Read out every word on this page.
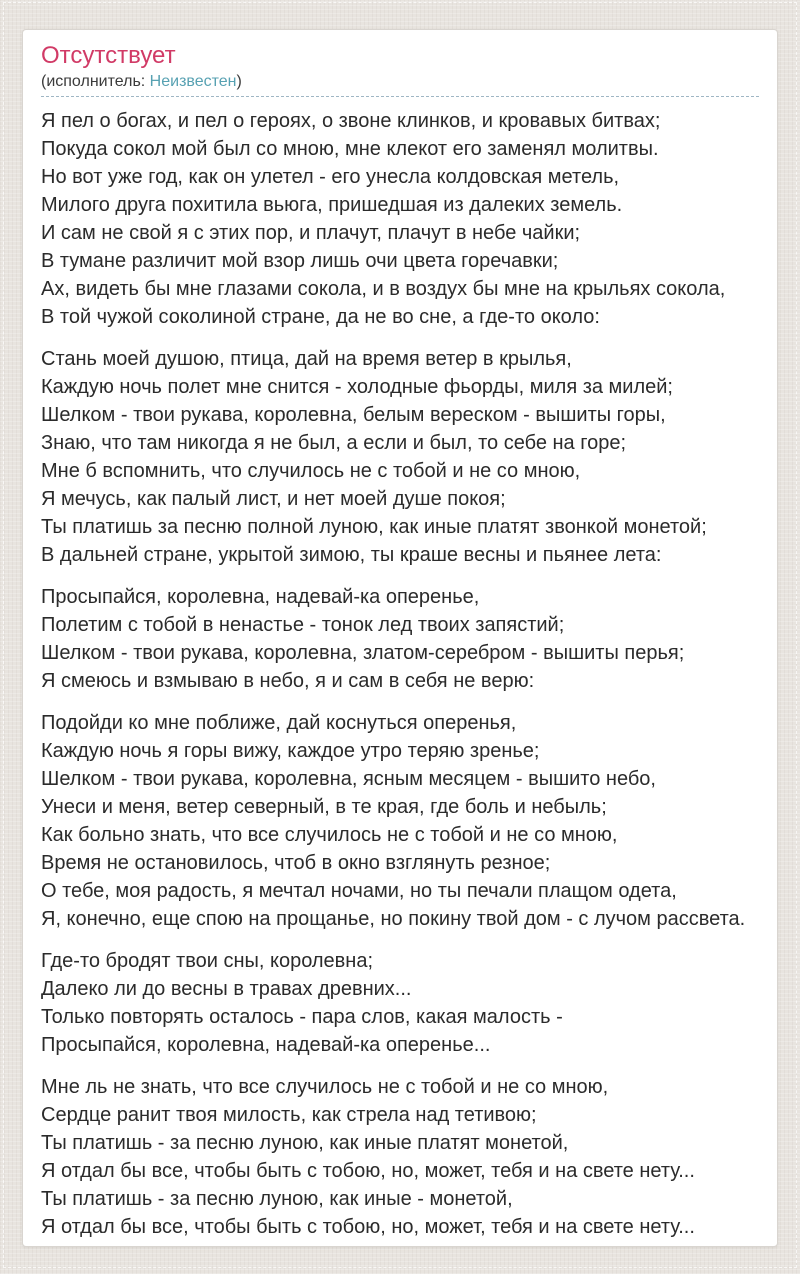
Отсутствует
(исполнитель: Неизвестен)

Я пел о богах, и пел о героях, о звоне клинков, и кровавых битвах;
Покуда сокол мой был со мною, мне клекот его заменял молитвы.
Но вот уже год, как он улетел - его унесла колдовская метель,
Милого друга похитила вьюга, пришедшая из далеких земель.
И сам не свой я с этих пор, и плачут, плачут в небе чайки;
В тумане различит мой взор лишь очи цвета горечавки;
Ах, видеть бы мне глазами сокола, и в воздух бы мне на крыльях сокола,
В той чужой соколиной стране, да не во сне, а где-то около:

Стань моей душою, птица, дай на время ветер в крылья,
Каждую ночь полет мне снится - холодные фьорды, миля за милей;
Шелком - твои рукава, королевна, белым вереском - вышиты горы,
Знаю, что там никогда я не был, а если и был, то себе на горе;
Мне б вспомнить, что случилось не с тобой и не со мною,
Я мечусь, как палый лист, и нет моей душе покоя;
Ты платишь за песню полной луною, как иные платят звонкой монетой;
В дальней стране, укрытой зимою, ты краше весны и пьянее лета:

Просыпайся, королевна, надевай-ка оперенье,
Полетим с тобой в ненастье - тонок лед твоих запястий;
Шелком - твои рукава, королевна, златом-серебром - вышиты перья;
Я смеюсь и взмываю в небо, я и сам в себя не верю:

Подойди ко мне поближе, дай коснуться оперенья,
Каждую ночь я горы вижу, каждое утро теряю зренье;
Шелком - твои рукава, королевна, ясным месяцем - вышито небо,
Унеси и меня, ветер северный, в те края, где боль и небыль;
Как больно знать, что все случилось не с тобой и не со мною,
Время не остановилось, чтоб в окно взглянуть резное;
О тебе, моя радость, я мечтал ночами, но ты печали плащом одета,
Я, конечно, еще спою на прощанье, но покину твой дом - с лучом рассвета.

Где-то бродят твои сны, королевна;
Далеко ли до весны в травах древних...
Только повторять осталось - пара слов, какая малость -
Просыпайся, королевна, надевай-ка оперенье...

Мне ль не знать, что все случилось не с тобой и не со мною,
Сердце ранит твоя милость, как стрела над тетивою;
Ты платишь - за песню луною, как иные платят монетой,
Я отдал бы все, чтобы быть с тобою, но, может, тебя и на свете нету...
Ты платишь - за песню луною, как иные - монетой,
Я отдал бы все, чтобы быть с тобою, но, может, тебя и на свете нету...
